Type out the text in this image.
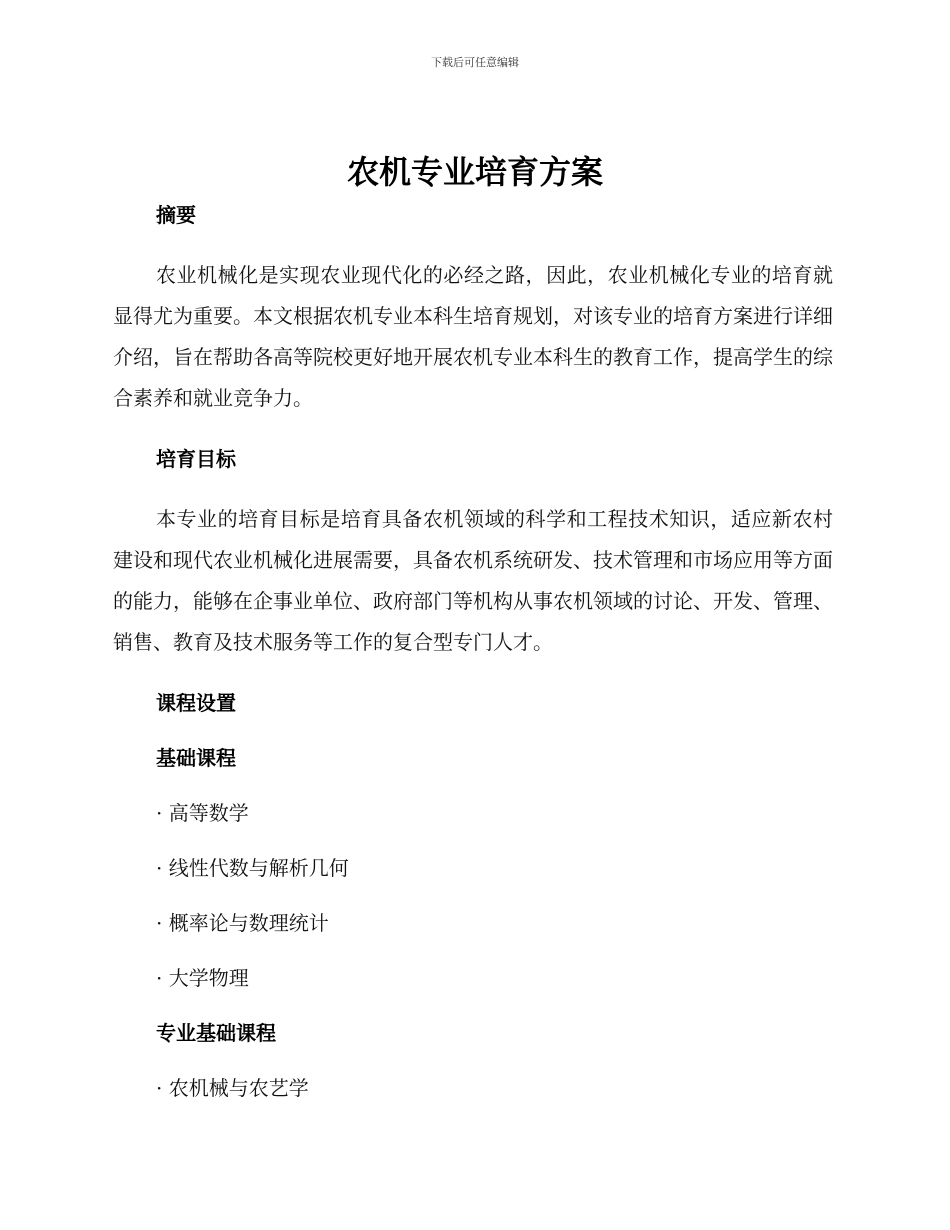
下载后可任意编辑
农机专业培育方案
摘要

农业机械化是实现农业现代化的必经之路，因此，农业机械化专业的培育就显得尤为重要。本文根据农机专业本科生培育规划，对该专业的培育方案进行详细介绍，旨在帮助各高等院校更好地开展农机专业本科生的教育工作，提高学生的综合素养和就业竞争力。

培育目标

本专业的培育目标是培育具备农机领域的科学和工程技术知识，适应新农村建设和现代农业机械化进展需要，具备农机系统研发、技术管理和市场应用等方面的能力，能够在企事业单位、政府部门等机构从事农机领域的讨论、开发、管理、销售、教育及技术服务等工作的复合型专门人才。

课程设置
基础课程

· 高等数学

· 线性代数与解析几何

· 概率论与数理统计

· 大学物理

专业基础课程

· 农机械与农艺学
